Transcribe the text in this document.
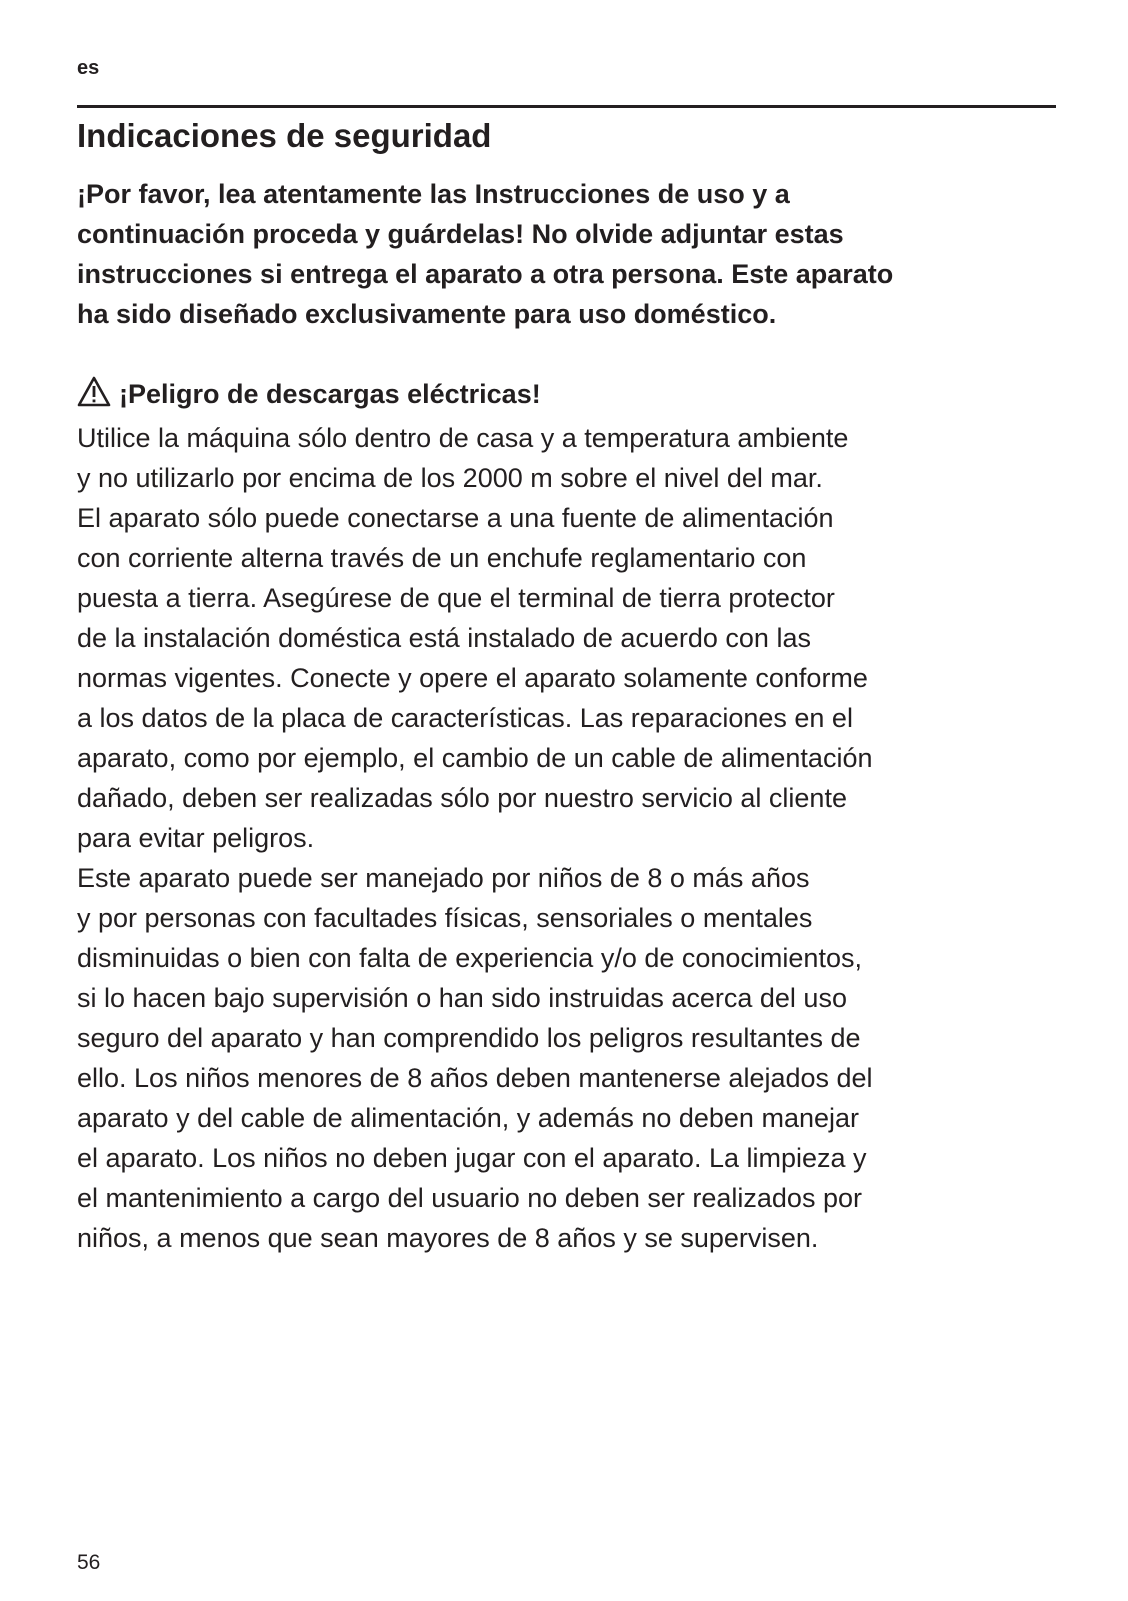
es
Indicaciones de seguridad
¡Por favor, lea atentamente las Instrucciones de uso y a
continuación proceda y guárdelas! No olvide adjuntar estas
instrucciones si entrega el aparato a otra persona. Este aparato
ha sido diseñado exclusivamente para uso doméstico.
¡Peligro de descargas eléctricas!
Utilice la máquina sólo dentro de casa y a temperatura ambiente
y no utilizarlo por encima de los 2000 m sobre el nivel del mar.
El aparato sólo puede conectarse a una fuente de alimentación
con corriente alterna través de un enchufe reglamentario con
puesta a tierra. Asegúrese de que el terminal de tierra protector
de la instalación doméstica está instalado de acuerdo con las
normas vigentes. Conecte y opere el aparato solamente conforme
a los datos de la placa de características. Las reparaciones en el
aparato, como por ejemplo, el cambio de un cable de alimentación
dañado, deben ser realizadas sólo por nuestro servicio al cliente
para evitar peligros.
Este aparato puede ser manejado por niños de 8 o más años
y por personas con facultades físicas, sensoriales o mentales
disminuidas o bien con falta de experiencia y/o de conocimientos,
si lo hacen bajo supervisión o han sido instruidas acerca del uso
seguro del aparato y han comprendido los peligros resultantes de
ello. Los niños menores de 8 años deben mantenerse alejados del
aparato y del cable de alimentación, y además no deben manejar
el aparato. Los niños no deben jugar con el aparato. La limpieza y
el mantenimiento a cargo del usuario no deben ser realizados por
niños, a menos que sean mayores de 8 años y se supervisen.
56
